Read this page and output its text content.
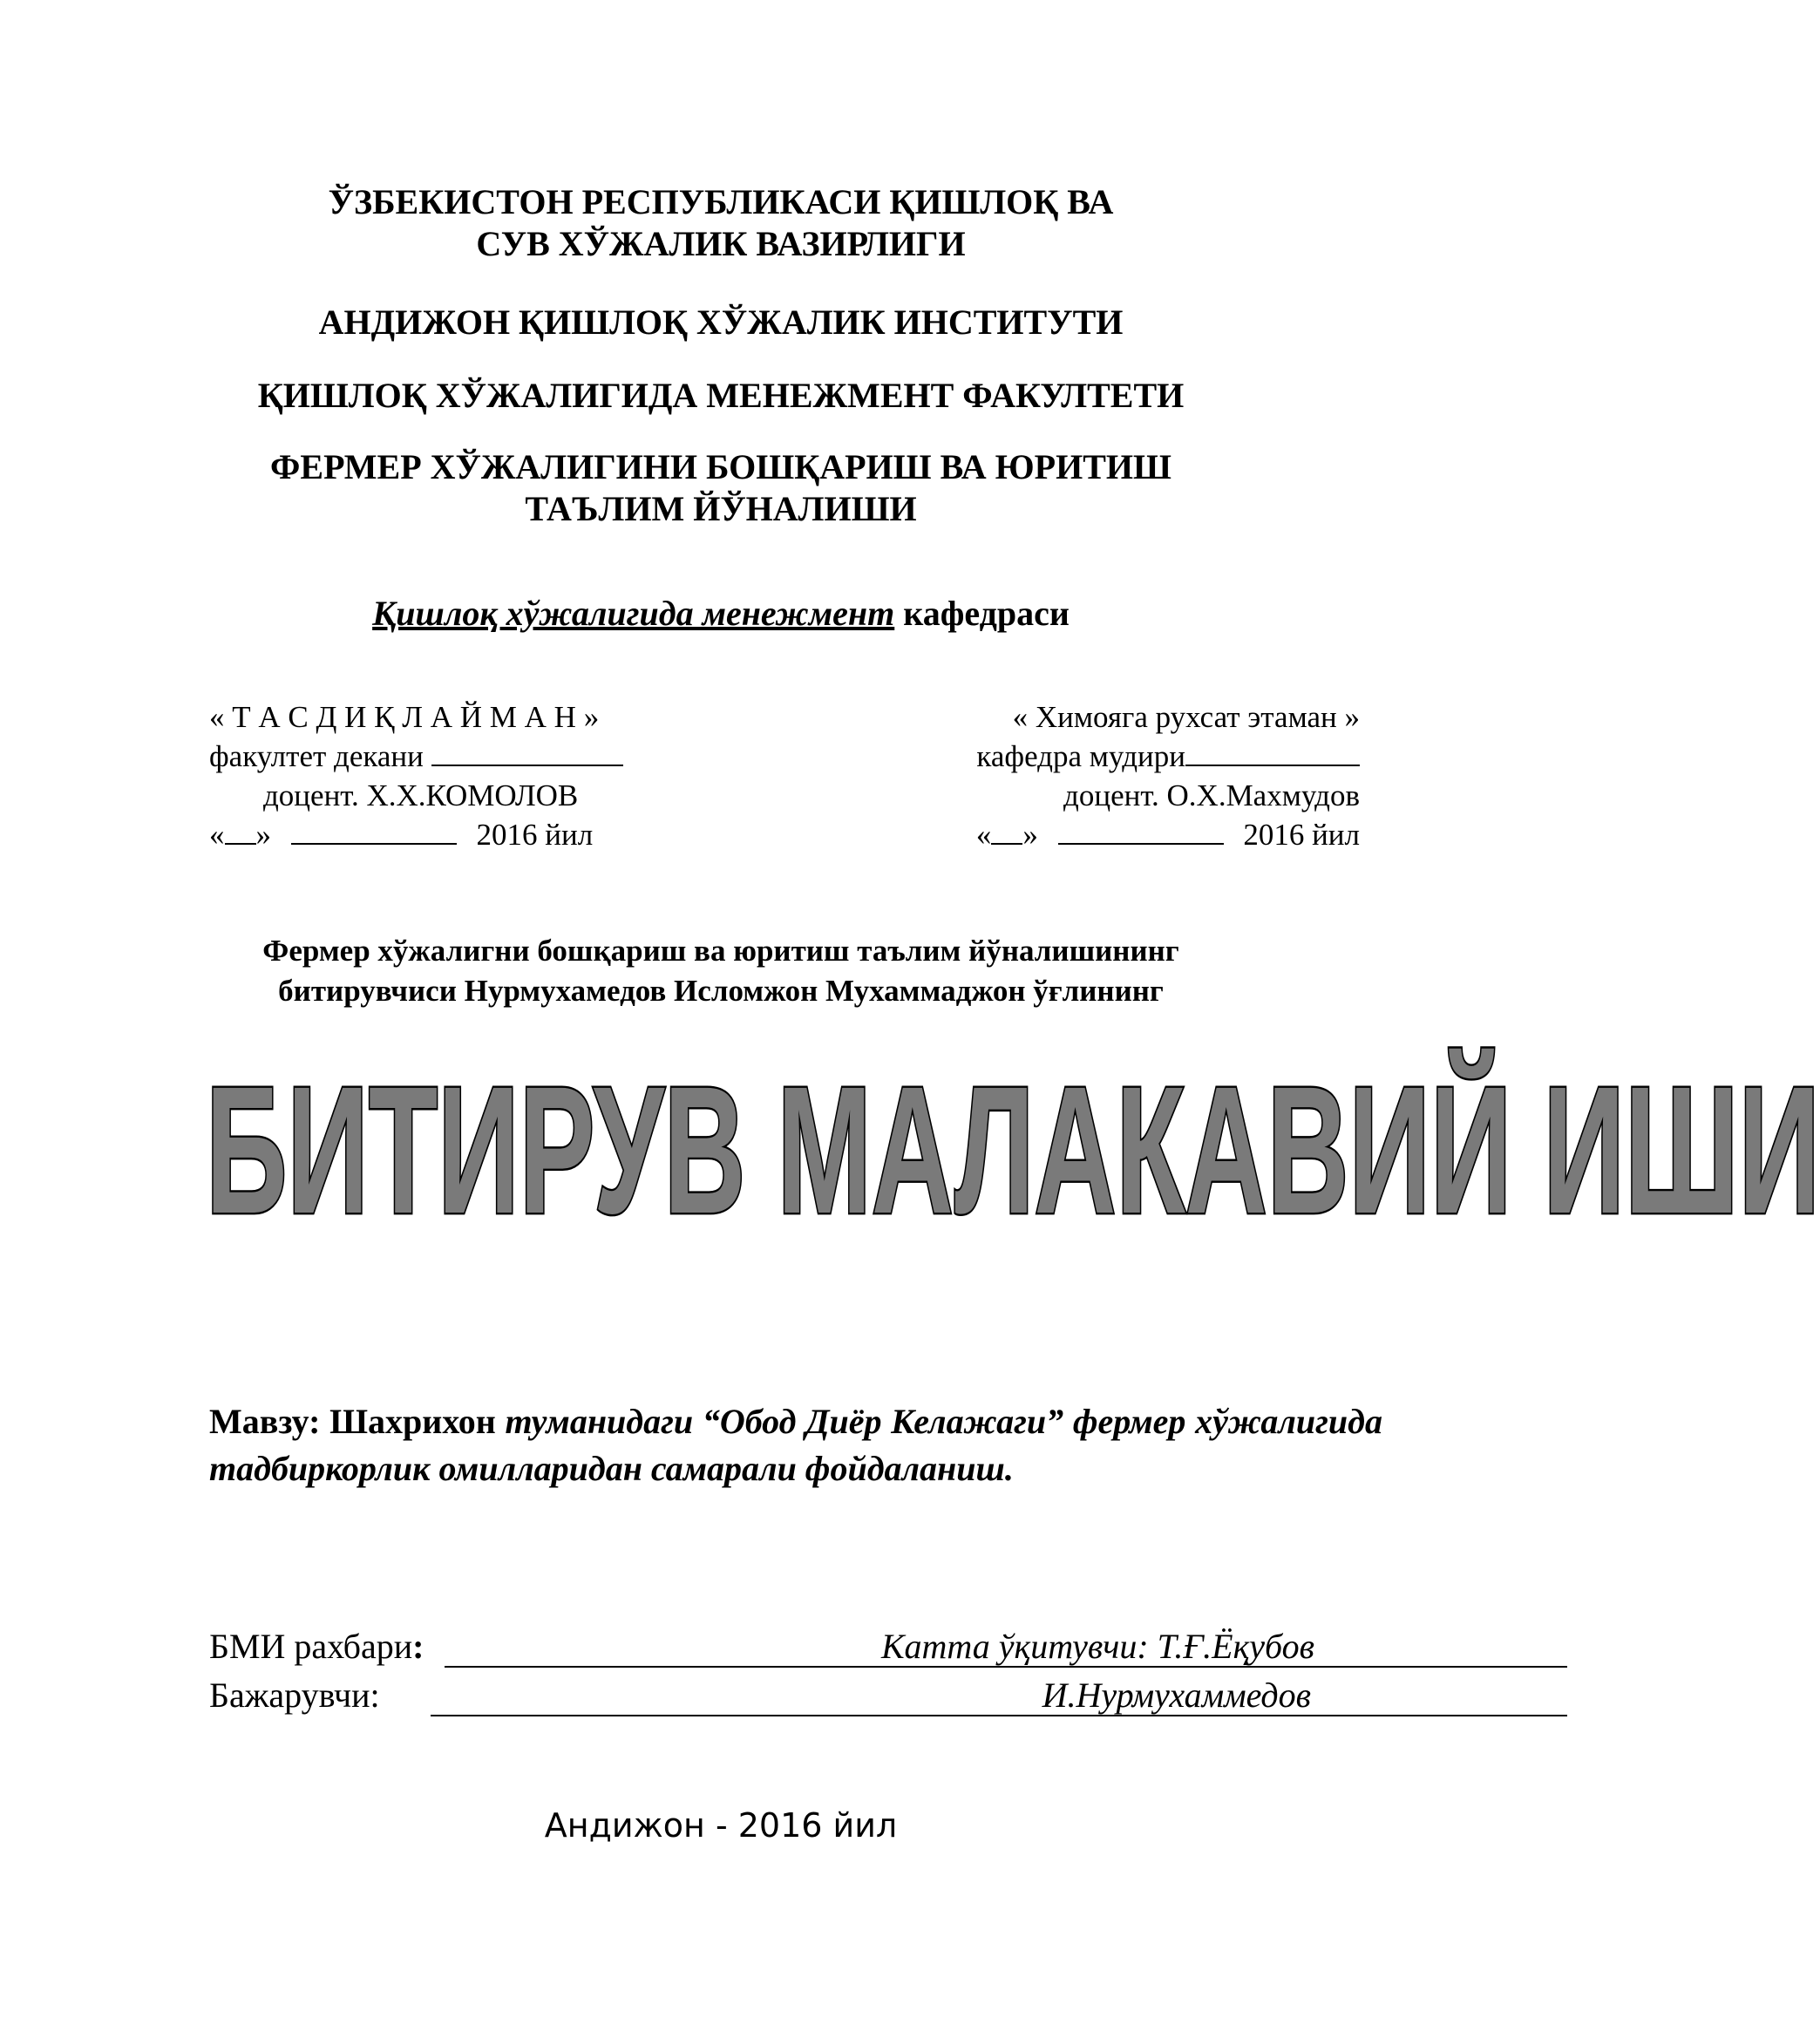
ЎЗБЕКИСТОН РЕСПУБЛИКАСИ ҚИШЛОҚ ВА
СУВ ХЎЖАЛИК ВАЗИРЛИГИ
АНДИЖОН ҚИШЛОҚ ХЎЖАЛИК ИНСТИТУТИ
ҚИШЛОҚ ХЎЖАЛИГИДА МЕНЕЖМЕНТ ФАКУЛТЕТИ
ФЕРМЕР ХЎЖАЛИГИНИ БОШҚАРИШ ВА ЮРИТИШ
ТАЪЛИМ ЙЎНАЛИШИ
Қишлоқ хўжалигида менежмент кафедраси
« Т А С Д И Қ Л А Й М А Н »
факултет декани
доцент. Х.Х.КОМОЛОВ
« »	2016 йил
« Химояга рухсат этаман »
кафедра мудири
доцент. О.Х.Махмудов
« »	2016 йил
Фермер хўжалигни бошқариш ва юритиш таълим йўналишининг
битирувчиси Нурмухамедов Исломжон Мухаммаджон ўғлининг
БИТИРУВ МАЛАКАВИЙ ИШИ
Мавзу: Шахрихон туманидаги “Обод Диёр Келажаги” фермер хўжалигида тадбиркорлик омилларидан самарали фойдаланиш.
БМИ рахбари:	Катта ўқитувчи: Т.Ғ.Ёқубов
Бажарувчи:	И.Нурмухаммедов
Андижон - 2016 йил
